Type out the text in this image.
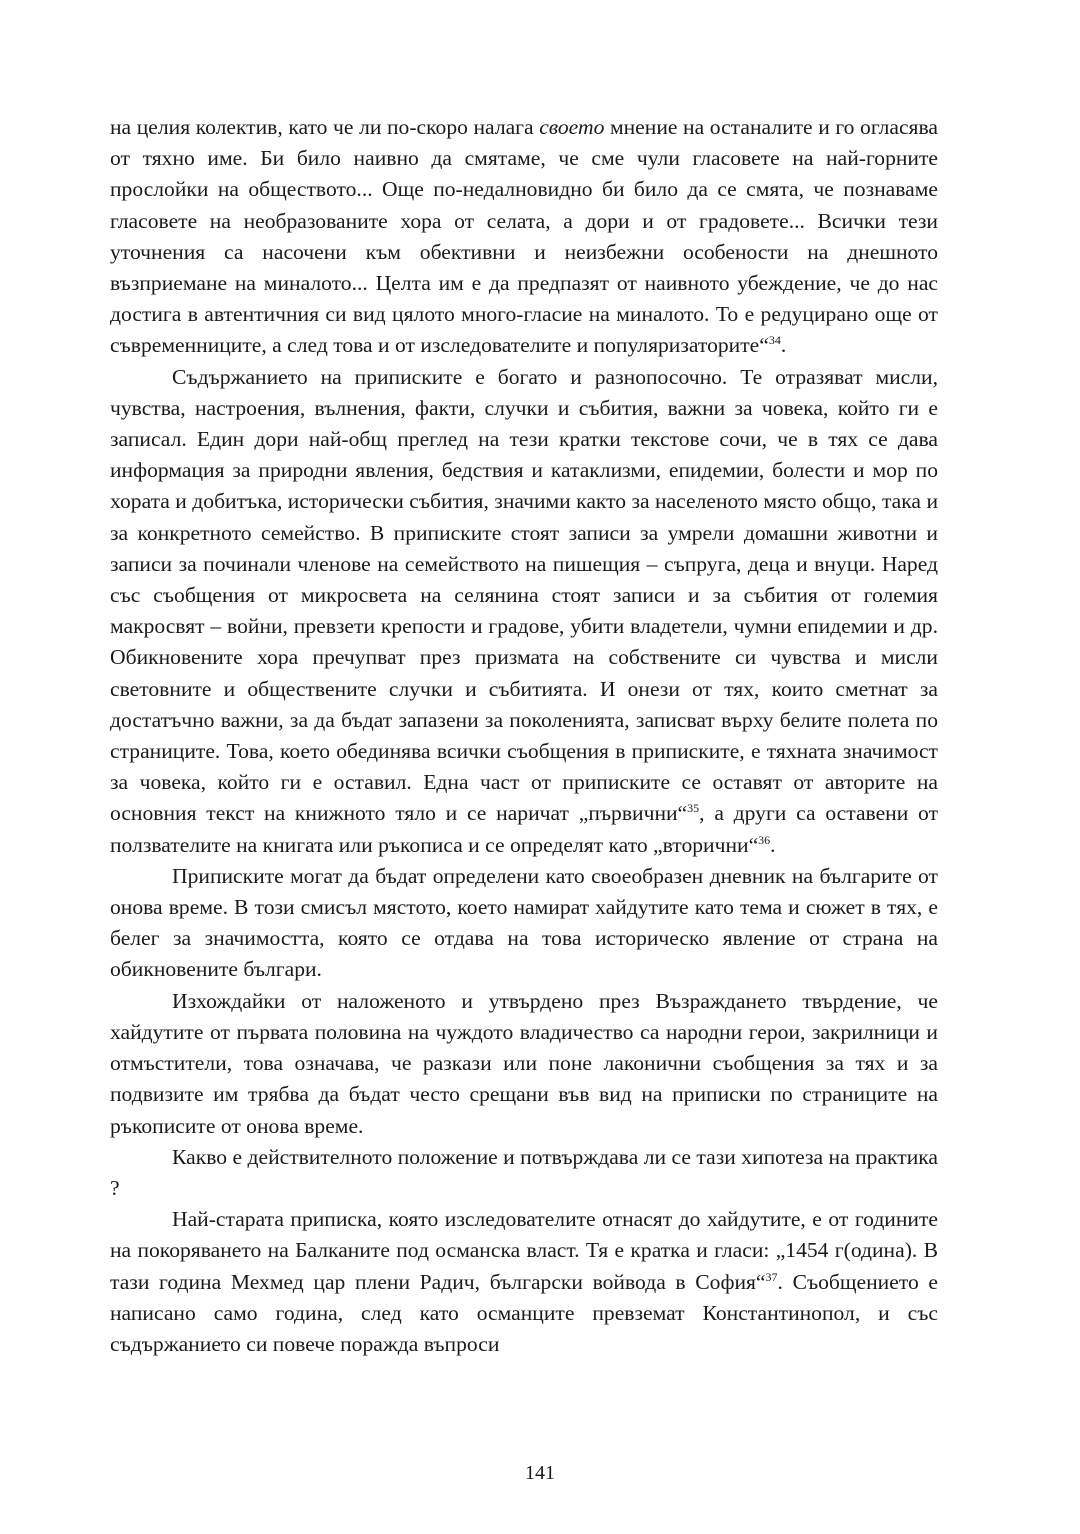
на целия колектив, като че ли по-скоро налага своето мнение на останалите и го огласява от тяхно име. Би било наивно да смятаме, че сме чули гласовете на най-горните прослойки на обществото... Още по-недалновидно би било да се смята, че познаваме гласовете на необразованите хора от селата, а дори и от градовете... Всички тези уточнения са насочени към обективни и неизбежни особености на днешното възприемане на миналото... Целта им е да предпазят от наивното убеждение, че до нас достига в автентичния си вид цялото много-гласие на миналото. То е редуцирано още от съвременниците, а след това и от изследователите и популяризаторите“$^{34}$.

Съдържанието на приписките е богато и разнопосочно. Те отразяват мисли, чувства, настроения, вълнения, факти, случки и събития, важни за човека, който ги е записал. Един дори най-общ преглед на тези кратки текстове сочи, че в тях се дава информация за природни явления, бедствия и катаклизми, епидемии, болести и мор по хората и добитъка, исторически събития, значими както за населеното място общо, така и за конкретното семейство. В приписките стоят записи за умрели домашни животни и записи за починали членове на семейството на пишещия – съпруга, деца и внуци. Наред със съобщения от микросвета на селянина стоят записи и за събития от големия макросвят – войни, превзети крепости и градове, убити владетели, чумни епидемии и др. Обикновените хора пречупват през призмата на собствените си чувства и мисли световните и обществените случки и събитията. И онези от тях, които сметнат за достатъчно важни, за да бъдат запазени за поколенията, записват върху белите полета по страниците. Това, което обединява всички съобщения в приписките, е тяхната значимост за човека, който ги е оставил. Една част от приписките се оставят от авторите на основния текст на книжното тяло и се наричат „първични“$^{35}$, а други са оставени от ползвателите на книгата или ръкописа и се определят като „вторични“$^{36}$.

Приписките могат да бъдат определени като своеобразен дневник на българите от онова време. В този смисъл мястото, което намират хайдутите като тема и сюжет в тях, е белег за значимостта, която се отдава на това историческо явление от страна на обикновените българи.

Изхождайки от наложеното и утвърдено през Възраждането твърдение, че хайдутите от първата половина на чуждото владичество са народни герои, закрилници и отмъстители, това означава, че разкази или поне лаконични съобщения за тях и за подвизите им трябва да бъдат често срещани във вид на приписки по страниците на ръкописите от онова време.

Какво е действителното положение и потвърждава ли се тази хипотеза на практика ?

Най-старата приписка, която изследователите отнасят до хайдутите, е от годините на покоряването на Балканите под османска власт. Тя е кратка и гласи: „1454 г(одина). В тази година Мехмед цар плени Радич, български войвода в София“$^{37}$. Съобщението е написано само година, след като османците превземат Константинопол, и със съдържанието си повече поражда въпроси

141
